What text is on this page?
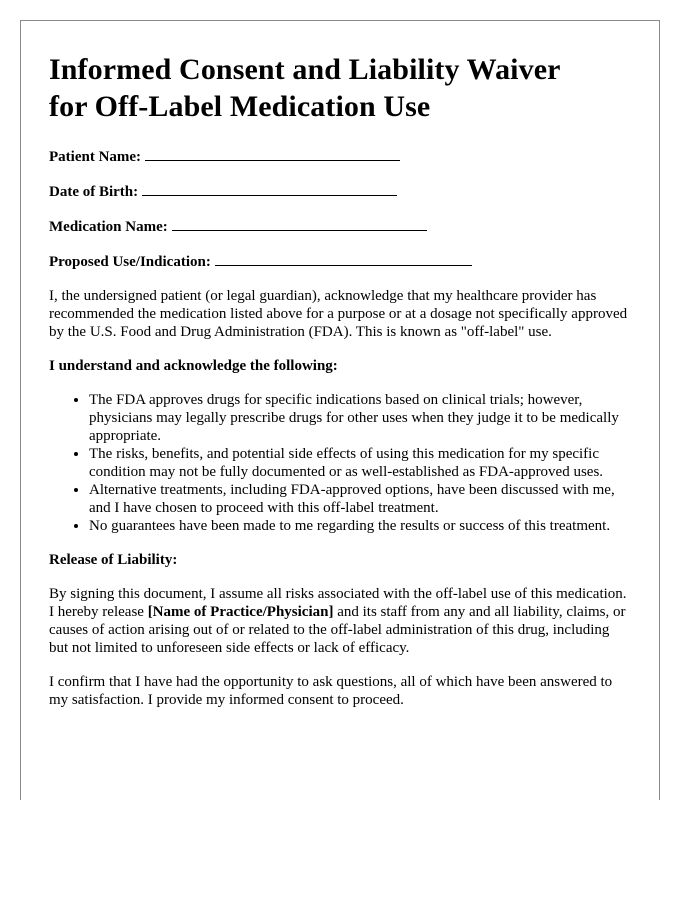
Informed Consent and Liability Waiver
for Off-Label Medication Use
Patient Name:
Date of Birth:
Medication Name:
Proposed Use/Indication:

I, the undersigned patient (or legal guardian), acknowledge that my healthcare provider has recommended the medication listed above for a purpose or at a dosage not specifically approved by the U.S. Food and Drug Administration (FDA). This is known as "off-label" use.

I understand and acknowledge the following:

• The FDA approves drugs for specific indications based on clinical trials; however, physicians may legally prescribe drugs for other uses when they judge it to be medically appropriate.
• The risks, benefits, and potential side effects of using this medication for my specific condition may not be fully documented or as well-established as FDA-approved uses.
• Alternative treatments, including FDA-approved options, have been discussed with me, and I have chosen to proceed with this off-label treatment.
• No guarantees have been made to me regarding the results or success of this treatment.

Release of Liability:

By signing this document, I assume all risks associated with the off-label use of this medication. I hereby release [Name of Practice/Physician] and its staff from any and all liability, claims, or causes of action arising out of or related to the off-label administration of this drug, including but not limited to unforeseen side effects or lack of efficacy.

I confirm that I have had the opportunity to ask questions, all of which have been answered to my satisfaction. I provide my informed consent to proceed.
